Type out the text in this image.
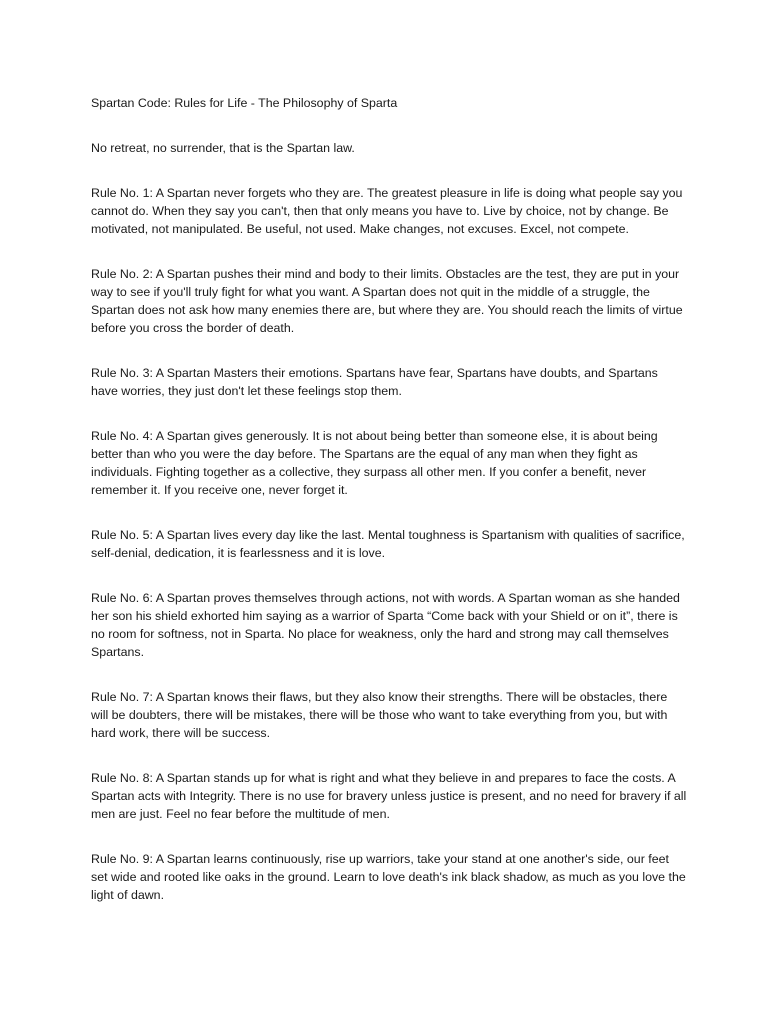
Spartan Code: Rules for Life - The Philosophy of Sparta

No retreat, no surrender, that is the Spartan law.

Rule No. 1: A Spartan never forgets who they are. The greatest pleasure in life is doing what people say you cannot do. When they say you can't, then that only means you have to. Live by choice, not by change. Be motivated, not manipulated. Be useful, not used. Make changes, not excuses. Excel, not compete.

Rule No. 2: A Spartan pushes their mind and body to their limits. Obstacles are the test, they are put in your way to see if you'll truly fight for what you want. A Spartan does not quit in the middle of a struggle, the Spartan does not ask how many enemies there are, but where they are. You should reach the limits of virtue before you cross the border of death.

Rule No. 3: A Spartan Masters their emotions. Spartans have fear, Spartans have doubts, and Spartans have worries, they just don't let these feelings stop them.

Rule No. 4: A Spartan gives generously. It is not about being better than someone else, it is about being better than who you were the day before. The Spartans are the equal of any man when they fight as individuals. Fighting together as a collective, they surpass all other men. If you confer a benefit, never remember it. If you receive one, never forget it.

Rule No. 5: A Spartan lives every day like the last. Mental toughness is Spartanism with qualities of sacrifice, self-denial, dedication, it is fearlessness and it is love.

Rule No. 6: A Spartan proves themselves through actions, not with words. A Spartan woman as she handed her son his shield exhorted him saying as a warrior of Sparta “Come back with your Shield or on it”, there is no room for softness, not in Sparta. No place for weakness, only the hard and strong may call themselves Spartans.

Rule No. 7: A Spartan knows their flaws, but they also know their strengths. There will be obstacles, there will be doubters, there will be mistakes, there will be those who want to take everything from you, but with hard work, there will be success.

Rule No. 8: A Spartan stands up for what is right and what they believe in and prepares to face the costs. A Spartan acts with Integrity. There is no use for bravery unless justice is present, and no need for bravery if all men are just. Feel no fear before the multitude of men.

Rule No. 9: A Spartan learns continuously, rise up warriors, take your stand at one another's side, our feet set wide and rooted like oaks in the ground. Learn to love death's ink black shadow, as much as you love the light of dawn.
